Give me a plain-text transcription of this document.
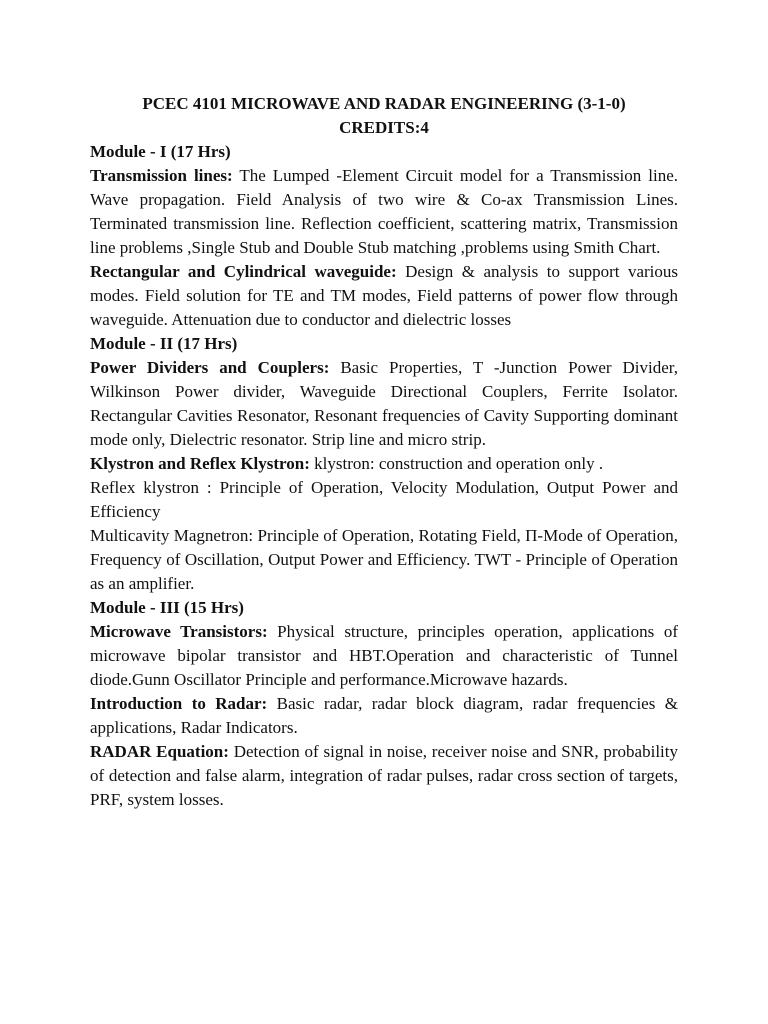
PCEC 4101 MICROWAVE AND RADAR ENGINEERING (3-1-0)

CREDITS:4

Module - I (17 Hrs)

Transmission lines: The Lumped -Element Circuit model for a Transmission line. Wave propagation. Field Analysis of two wire & Co-ax Transmission Lines. Terminated transmission line. Reflection coefficient, scattering matrix, Transmission line problems ,Single Stub and Double Stub matching ,problems using Smith Chart.

Rectangular and Cylindrical waveguide: Design & analysis to support various modes. Field solution for TE and TM modes, Field patterns of power flow through waveguide. Attenuation due to conductor and dielectric losses

Module - II (17 Hrs)

Power Dividers and Couplers: Basic Properties, T -Junction Power Divider, Wilkinson Power divider, Waveguide Directional Couplers, Ferrite Isolator. Rectangular Cavities Resonator, Resonant frequencies of Cavity Supporting dominant mode only, Dielectric resonator. Strip line and micro strip.

Klystron and Reflex Klystron: klystron: construction and operation only .

Reflex klystron : Principle of Operation, Velocity Modulation, Output Power and Efficiency

Multicavity Magnetron: Principle of Operation, Rotating Field, Π-Mode of Operation, Frequency of Oscillation, Output Power and Efficiency. TWT - Principle of Operation as an amplifier.

Module - III (15 Hrs)

Microwave Transistors: Physical structure, principles operation, applications of microwave bipolar transistor and HBT.Operation and characteristic of Tunnel diode.Gunn Oscillator Principle and performance.Microwave hazards.

Introduction to Radar: Basic radar, radar block diagram, radar frequencies & applications, Radar Indicators.

RADAR Equation: Detection of signal in noise, receiver noise and SNR, probability of detection and false alarm, integration of radar pulses, radar cross section of targets, PRF, system losses.
